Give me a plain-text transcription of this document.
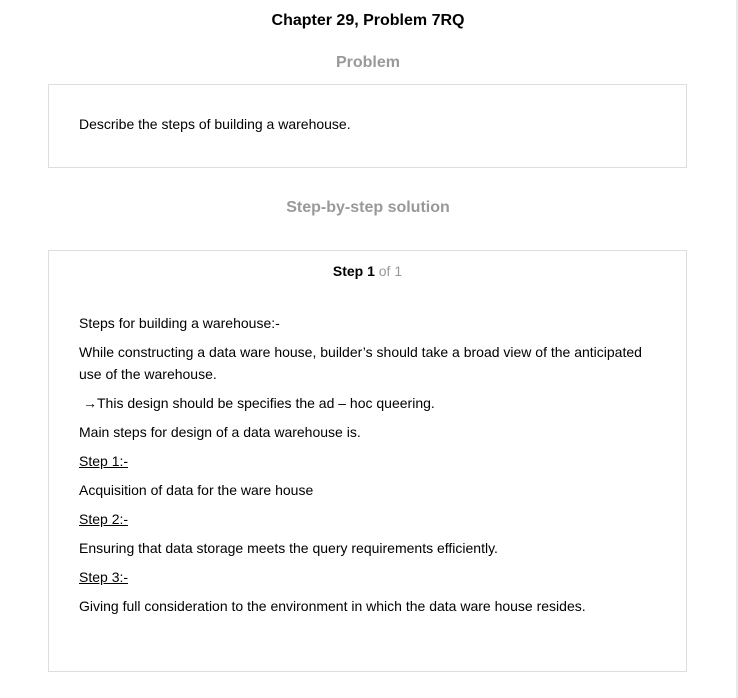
Chapter 29, Problem 7RQ
Problem
Describe the steps of building a warehouse.
Step-by-step solution
Step 1 of 1

Steps for building a warehouse:-

While constructing a data ware house, builder’s should take a broad view of the anticipated use of the warehouse.

→This design should be specifies the ad – hoc queering.

Main steps for design of a data warehouse is.

Step 1:-

Acquisition of data for the ware house

Step 2:-

Ensuring that data storage meets the query requirements efficiently.

Step 3:-

Giving full consideration to the environment in which the data ware house resides.
